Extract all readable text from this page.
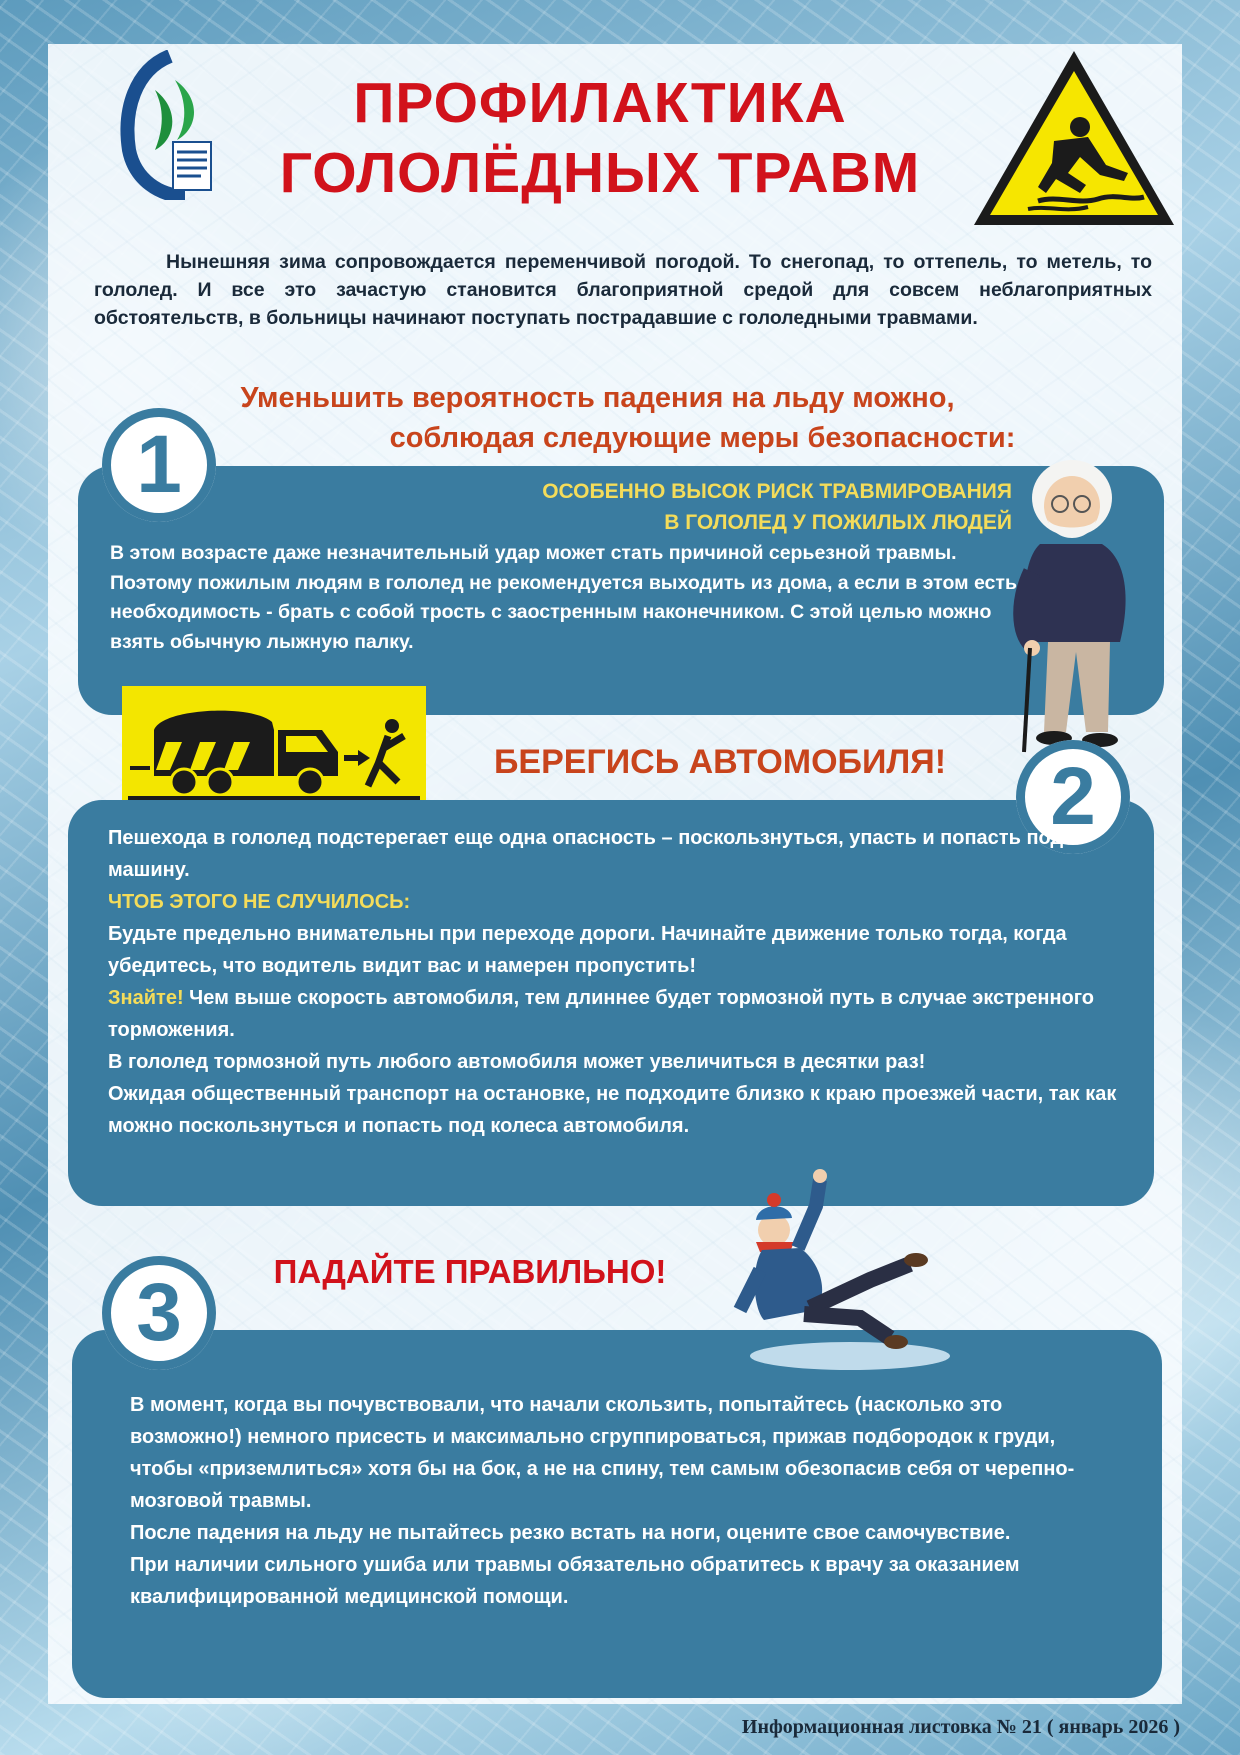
ПРОФИЛАКТИКА
ГОЛОЛЁДНЫХ ТРАВМ

Нынешняя зима сопровождается переменчивой погодой. То снегопад, то оттепель, то метель, то гололед. И все это зачастую становится благоприятной средой для совсем неблагоприятных обстоятельств, в больницы начинают поступать пострадавшие с гололедными травмами.

Уменьшить вероятность падения на льду можно,
соблюдая следующие меры безопасности:

1	ОСОБЕННО ВЫСОК РИСК ТРАВМИРОВАНИЯ
В ГОЛОЛЕД У ПОЖИЛЫХ ЛЮДЕЙ

В этом возрасте даже незначительный удар может стать причиной серьезной травмы. Поэтому пожилым людям в гололед не рекомендуется выходить из дома, а если в этом есть необходимость - брать с собой трость с заостренным наконечником. С этой целью можно взять обычную лыжную палку.

БЕРЕГИСЬ АВТОМОБИЛЯ!	2

Пешехода в гололед подстерегает еще одна опасность – поскользнуться, упасть и попасть под машину.
ЧТОБ ЭТОГО НЕ СЛУЧИЛОСЬ:
Будьте предельно внимательны при переходе дороги. Начинайте движение только тогда, когда убедитесь, что водитель видит вас и намерен пропустить!
Знайте! Чем выше скорость автомобиля, тем длиннее будет тормозной путь в случае экстренного торможения.
В гололед тормозной путь любого автомобиля может увеличиться в десятки раз!
Ожидая общественный транспорт на остановке, не подходите близко к краю проезжей части, так как можно поскользнуться и попасть под колеса автомобиля.

3	ПАДАЙТЕ ПРАВИЛЬНО!

В момент, когда вы почувствовали, что начали скользить, попытайтесь (насколько это возможно!) немного присесть и максимально сгруппироваться, прижав подбородок к груди, чтобы «приземлиться» хотя бы на бок, а не на спину, тем самым обезопасив себя от черепно-мозговой травмы.
После падения на льду не пытайтесь резко встать на ноги, оцените свое самочувствие.
При наличии сильного ушиба или травмы обязательно обратитесь к врачу за оказанием квалифицированной медицинской помощи.

Информационная листовка № 21 ( январь 2026 )
